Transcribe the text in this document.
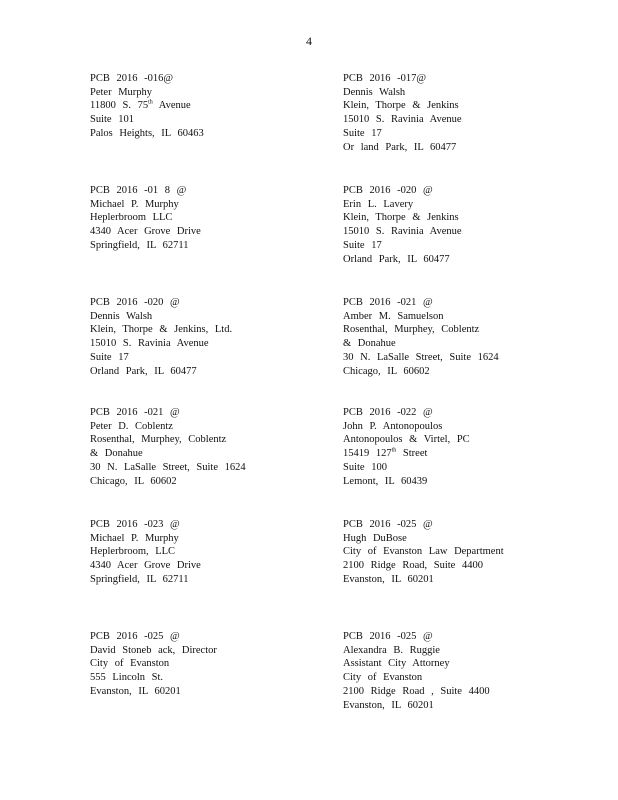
4
PCB 2016 -016@
Peter Murphy
11800 S. 75th Avenue
Suite 101
Palos Heights, IL 60463
PCB 2016 -017@
Dennis Walsh
Klein, Thorpe & Jenkins
15010 S. Ravinia Avenue
Suite 17
Or land Park, IL 60477
PCB 2016 -01 8 @
Michael P. Murphy
Heplerbroom LLC
4340 Acer Grove Drive
Springfield, IL 62711
PCB 2016 -020 @
Erin L. Lavery
Klein, Thorpe & Jenkins
15010 S. Ravinia Avenue
Suite 17
Orland Park, IL 60477
PCB 2016 -020 @
Dennis Walsh
Klein, Thorpe & Jenkins, Ltd.
15010 S. Ravinia Avenue
Suite 17
Orland Park, IL 60477
PCB 2016 -021 @
Amber M. Samuelson
Rosenthal, Murphey, Coblentz
& Donahue
30 N. LaSalle Street, Suite 1624
Chicago, IL 60602
PCB 2016 -021 @
Peter D. Coblentz
Rosenthal, Murphey, Coblentz
& Donahue
30 N. LaSalle Street, Suite 1624
Chicago, IL 60602
PCB 2016 -022 @
John P. Antonopoulos
Antonopoulos & Virtel, PC
15419 127th Street
Suite 100
Lemont, IL 60439
PCB 2016 -023 @
Michael P. Murphy
Heplerbroom, LLC
4340 Acer Grove Drive
Springfield, IL 62711
PCB 2016 -025 @
Hugh DuBose
City of Evanston Law Department
2100 Ridge Road, Suite 4400
Evanston, IL 60201
PCB 2016 -025 @
David Stoneb ack, Director
City of Evanston
555 Lincoln St.
Evanston, IL 60201
PCB 2016 -025 @
Alexandra B. Ruggie
Assistant City Attorney
City of Evanston
2100 Ridge Road , Suite 4400
Evanston, IL 60201
